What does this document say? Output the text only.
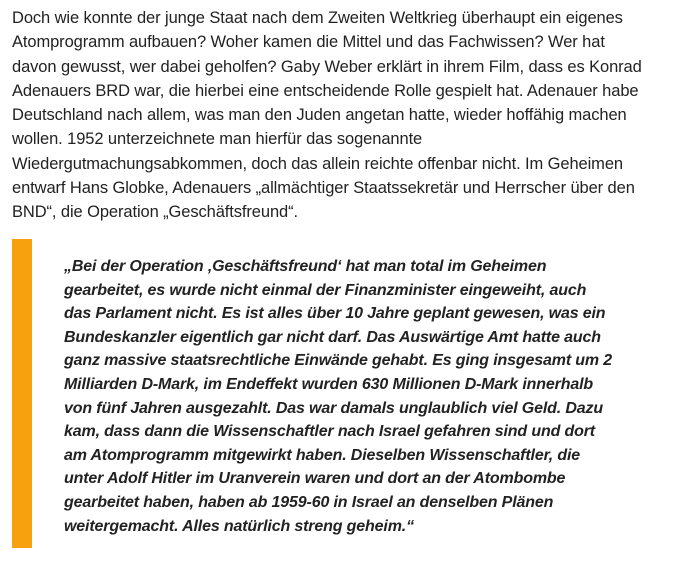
Doch wie konnte der junge Staat nach dem Zweiten Weltkrieg überhaupt ein eigenes
Atomprogramm aufbauen? Woher kamen die Mittel und das Fachwissen? Wer hat
davon gewusst, wer dabei geholfen? Gaby Weber erklärt in ihrem Film, dass es Konrad
Adenauers BRD war, die hierbei eine entscheidende Rolle gespielt hat. Adenauer habe
Deutschland nach allem, was man den Juden angetan hatte, wieder hoffähig machen
wollen. 1952 unterzeichnete man hierfür das sogenannte
Wiedergutmachungsabkommen, doch das allein reichte offenbar nicht. Im Geheimen
entwarf Hans Globke, Adenauers „allmächtiger Staatssekretär und Herrscher über den
BND“, die Operation „Geschäftsfreund“.

„Bei der Operation ‚Geschäftsfreund‘ hat man total im Geheimen
gearbeitet, es wurde nicht einmal der Finanzminister eingeweiht, auch
das Parlament nicht. Es ist alles über 10 Jahre geplant gewesen, was ein
Bundeskanzler eigentlich gar nicht darf. Das Auswärtige Amt hatte auch
ganz massive staatsrechtliche Einwände gehabt. Es ging insgesamt um 2
Milliarden D-Mark, im Endeffekt wurden 630 Millionen D-Mark innerhalb
von fünf Jahren ausgezahlt. Das war damals unglaublich viel Geld. Dazu
kam, dass dann die Wissenschaftler nach Israel gefahren sind und dort
am Atomprogramm mitgewirkt haben. Dieselben Wissenschaftler, die
unter Adolf Hitler im Uranverein waren und dort an der Atombombe
gearbeitet haben, haben ab 1959-60 in Israel an denselben Plänen
weitergemacht. Alles natürlich streng geheim.“
